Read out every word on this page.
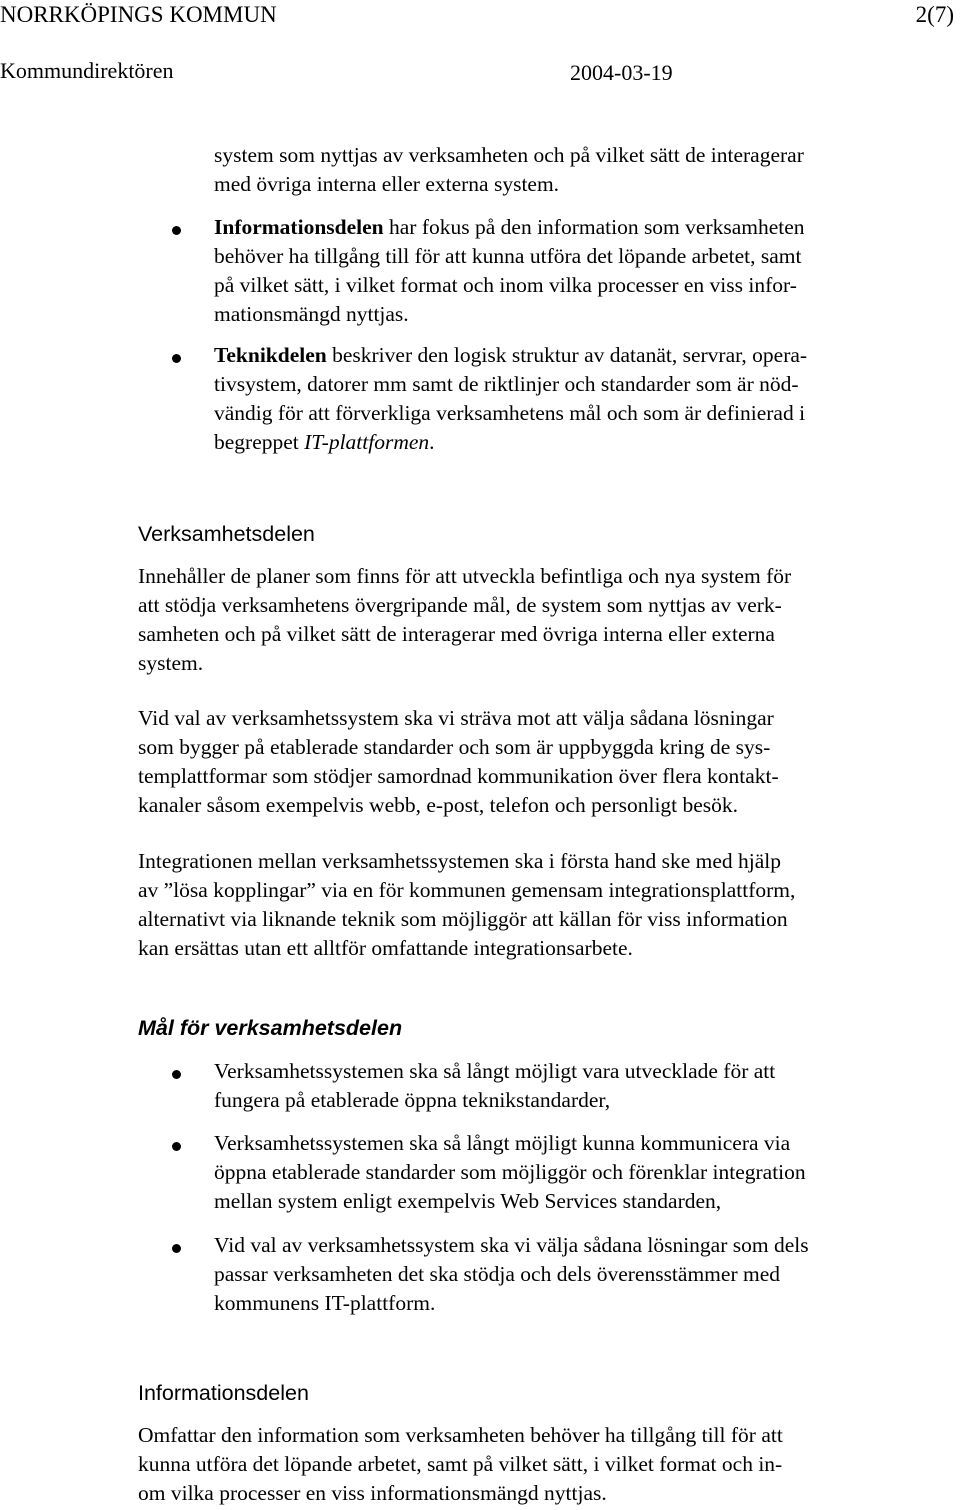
NORRKÖPINGS KOMMUN	2(7)
Kommundirektören	2004-03-19
system som nyttjas av verksamheten och på vilket sätt de interagerar
med övriga interna eller externa system.
Informationsdelen har fokus på den information som verksamheten
behöver ha tillgång till för att kunna utföra det löpande arbetet, samt
på vilket sätt, i vilket format och inom vilka processer en viss infor-
mationsmängd nyttjas.
Teknikdelen beskriver den logisk struktur av datanät, servrar, opera-
tivsystem, datorer mm samt de riktlinjer och standarder som är nöd-
vändig för att förverkliga verksamhetens mål och som är definierad i
begreppet IT-plattformen.
Verksamhetsdelen
Innehåller de planer som finns för att utveckla befintliga och nya system för
att stödja verksamhetens övergripande mål, de system som nyttjas av verk-
samheten och på vilket sätt de interagerar med övriga interna eller externa
system.
Vid val av verksamhetssystem ska vi sträva mot att välja sådana lösningar
som bygger på etablerade standarder och som är uppbyggda kring de sys-
templattformar som stödjer samordnad kommunikation över flera kontakt-
kanaler såsom exempelvis webb, e-post, telefon och personligt besök.
Integrationen mellan verksamhetssystemen ska i första hand ske med hjälp
av ”lösa kopplingar” via en för kommunen gemensam integrationsplattform,
alternativt via liknande teknik som möjliggör att källan för viss information
kan ersättas utan ett alltför omfattande integrationsarbete.
Mål för verksamhetsdelen
Verksamhetssystemen ska så långt möjligt vara utvecklade för att
fungera på etablerade öppna teknikstandarder,
Verksamhetssystemen ska så långt möjligt kunna kommunicera via
öppna etablerade standarder som möjliggör och förenklar integration
mellan system enligt exempelvis Web Services standarden,
Vid val av verksamhetssystem ska vi välja sådana lösningar som dels
passar verksamheten det ska stödja och dels överensstämmer med
kommunens IT-plattform.
Informationsdelen
Omfattar den information som verksamheten behöver ha tillgång till för att
kunna utföra det löpande arbetet, samt på vilket sätt, i vilket format och in-
om vilka processer en viss informationsmängd nyttjas.
